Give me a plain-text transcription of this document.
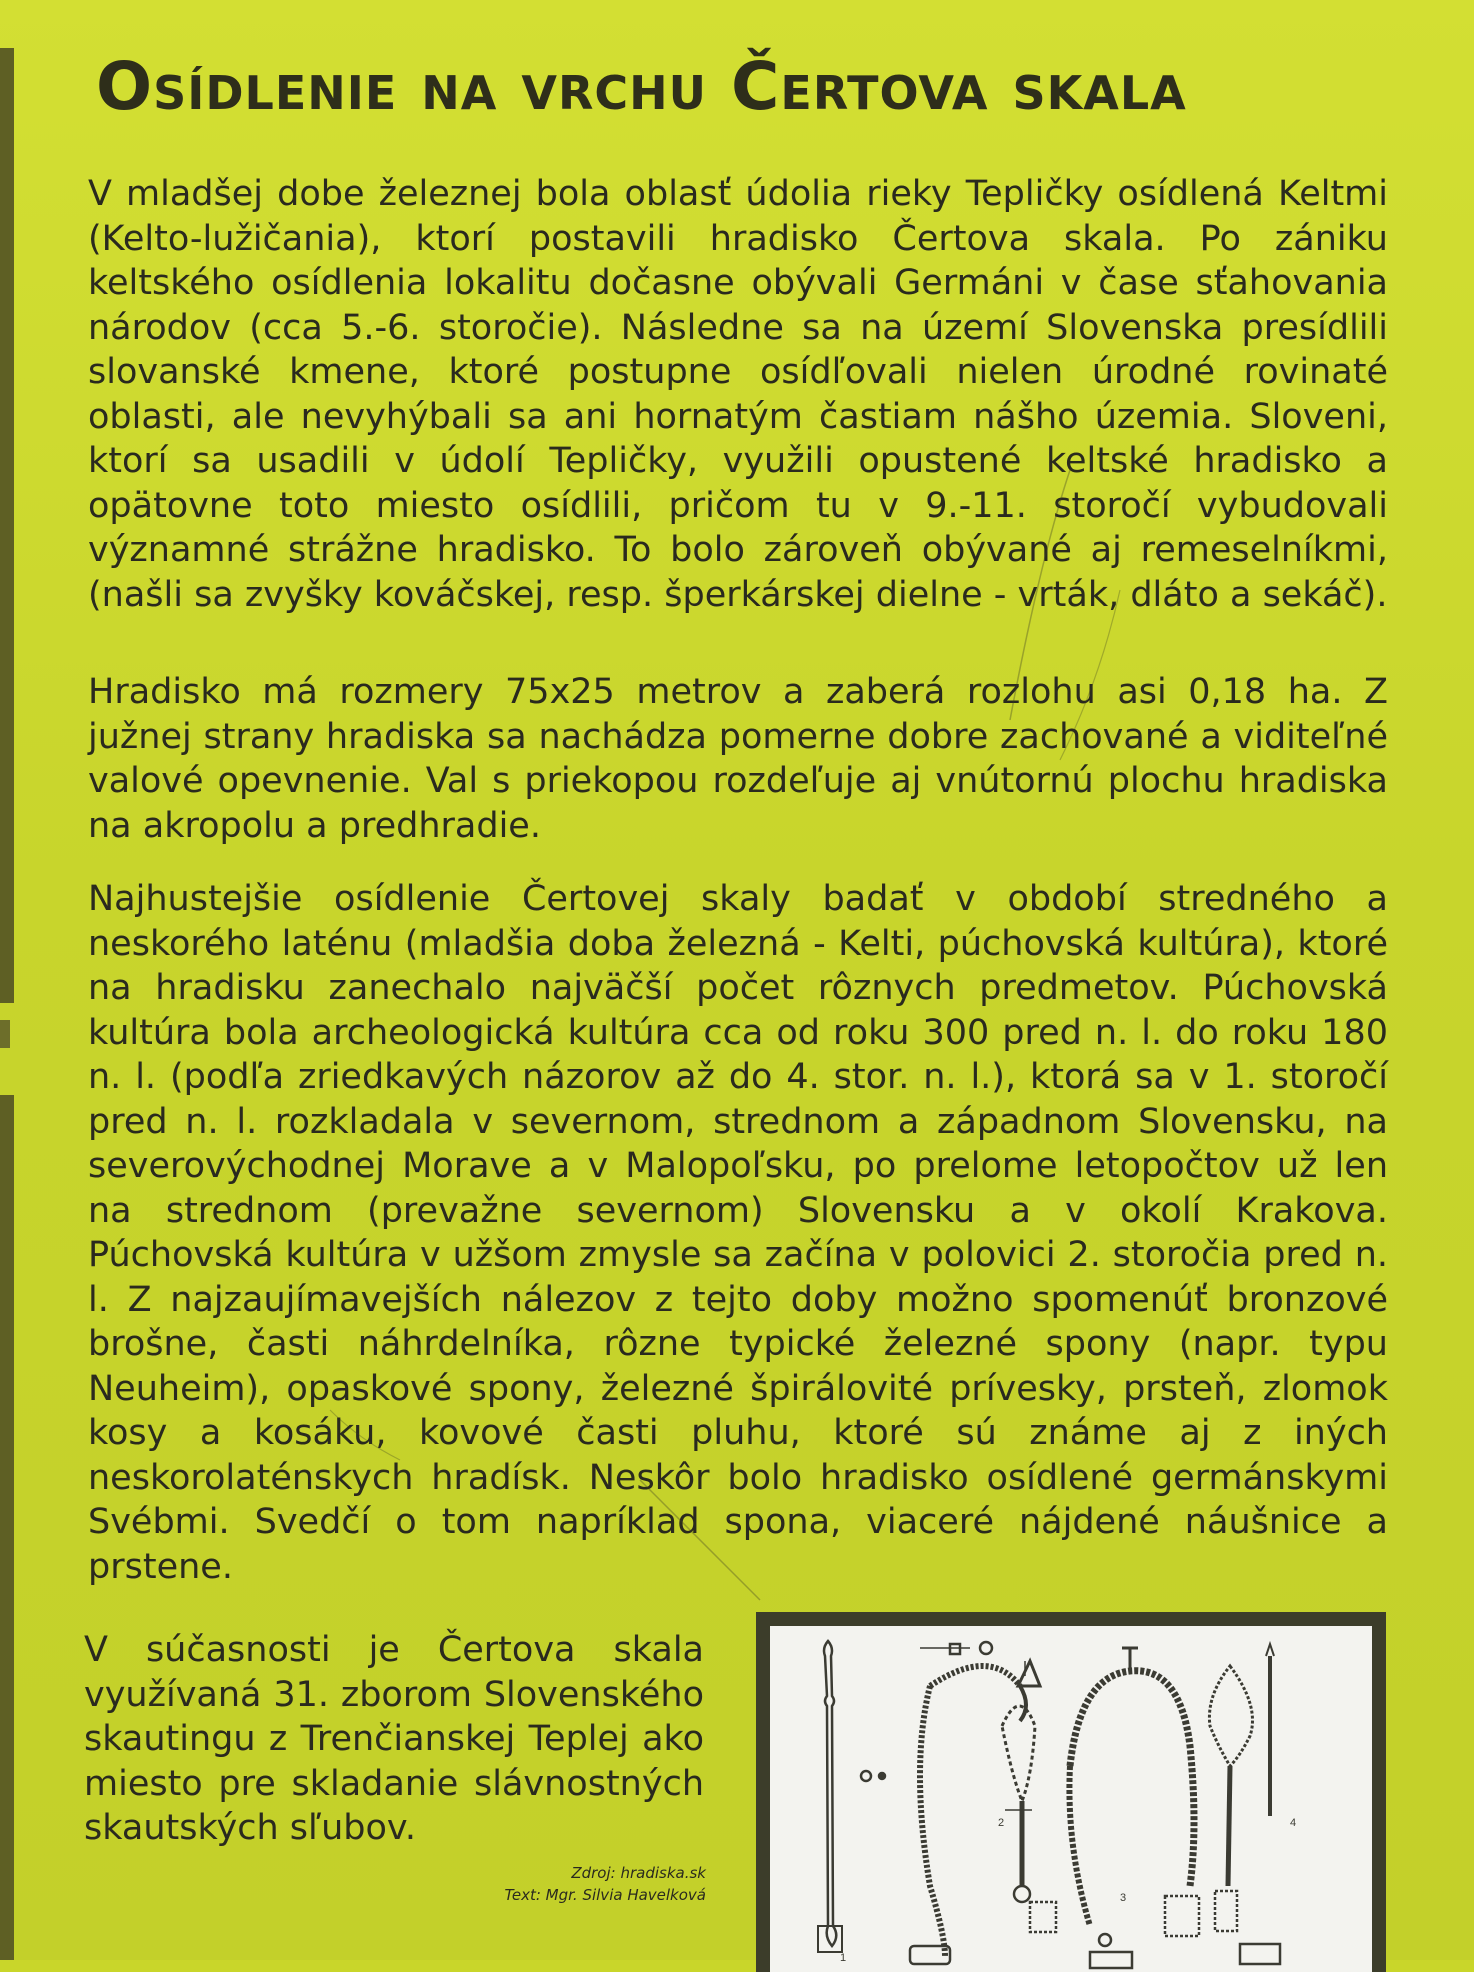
Osídlenie na vrchu Čertova skala

V mladšej dobe železnej bola oblasť údolia rieky Tepličky osídlená Keltmi (Kelto-lužičania), ktorí postavili hradisko Čertova skala. Po zániku keltského osídlenia lokalitu dočasne obývali Germáni v čase sťahovania národov (cca 5.-6. storočie). Následne sa na území Slovenska presídlili slovanské kmene, ktoré postupne osídľovali nielen úrodné rovinaté oblasti, ale nevyhýbali sa ani hornatým častiam nášho územia. Sloveni, ktorí sa usadili v údolí Tepličky, využili opustené keltské hradisko a opätovne toto miesto osídlili, pričom tu v 9.-11. storočí vybudovali významné strážne hradisko. To bolo zároveň obývané aj remeselníkmi, (našli sa zvyšky kováčskej, resp. šperkárskej dielne - vrták, dláto a sekáč).

Hradisko má rozmery 75x25 metrov a zaberá rozlohu asi 0,18 ha. Z južnej strany hradiska sa nachádza pomerne dobre zachované a viditeľné valové opevnenie. Val s priekopou rozdeľuje aj vnútornú plochu hradiska na akropolu a predhradie.

Najhustejšie osídlenie Čertovej skaly badať v období stredného a neskorého laténu (mladšia doba železná - Kelti, púchovská kultúra), ktoré na hradisku zanechalo najväčší počet rôznych predmetov. Púchovská kultúra bola archeologická kultúra cca od roku 300 pred n. l. do roku 180 n. l. (podľa zriedkavých názorov až do 4. stor. n. l.), ktorá sa v 1. storočí pred n. l. rozkladala v severnom, strednom a západnom Slovensku, na severovýchodnej Morave a v Malopoľsku, po prelome letopočtov už len na strednom (prevažne severnom) Slovensku a v okolí Krakova. Púchovská kultúra v užšom zmysle sa začína v polovici 2. storočia pred n. l. Z najzaujímavejších nálezov z tejto doby možno spomenúť bronzové brošne, časti náhrdelníka, rôzne typické železné spony (napr. typu Neuheim), opaskové spony, železné špirálovité prívesky, prsteň, zlomok kosy a kosáku, kovové časti pluhu, ktoré sú známe aj z iných neskorolaténskych hradísk. Neskôr bolo hradisko osídlené germánskymi Svébmi. Svedčí o tom napríklad spona, viaceré nájdené náušnice a prstene.

V súčasnosti je Čertova skala využívaná 31. zborom Slovenského skautingu z Trenčianskej Teplej ako miesto pre skladanie slávnostných skautských sľubov.

Zdroj: hradiska.sk
Text: Mgr. Silvia Havelková
1
2
3
4
